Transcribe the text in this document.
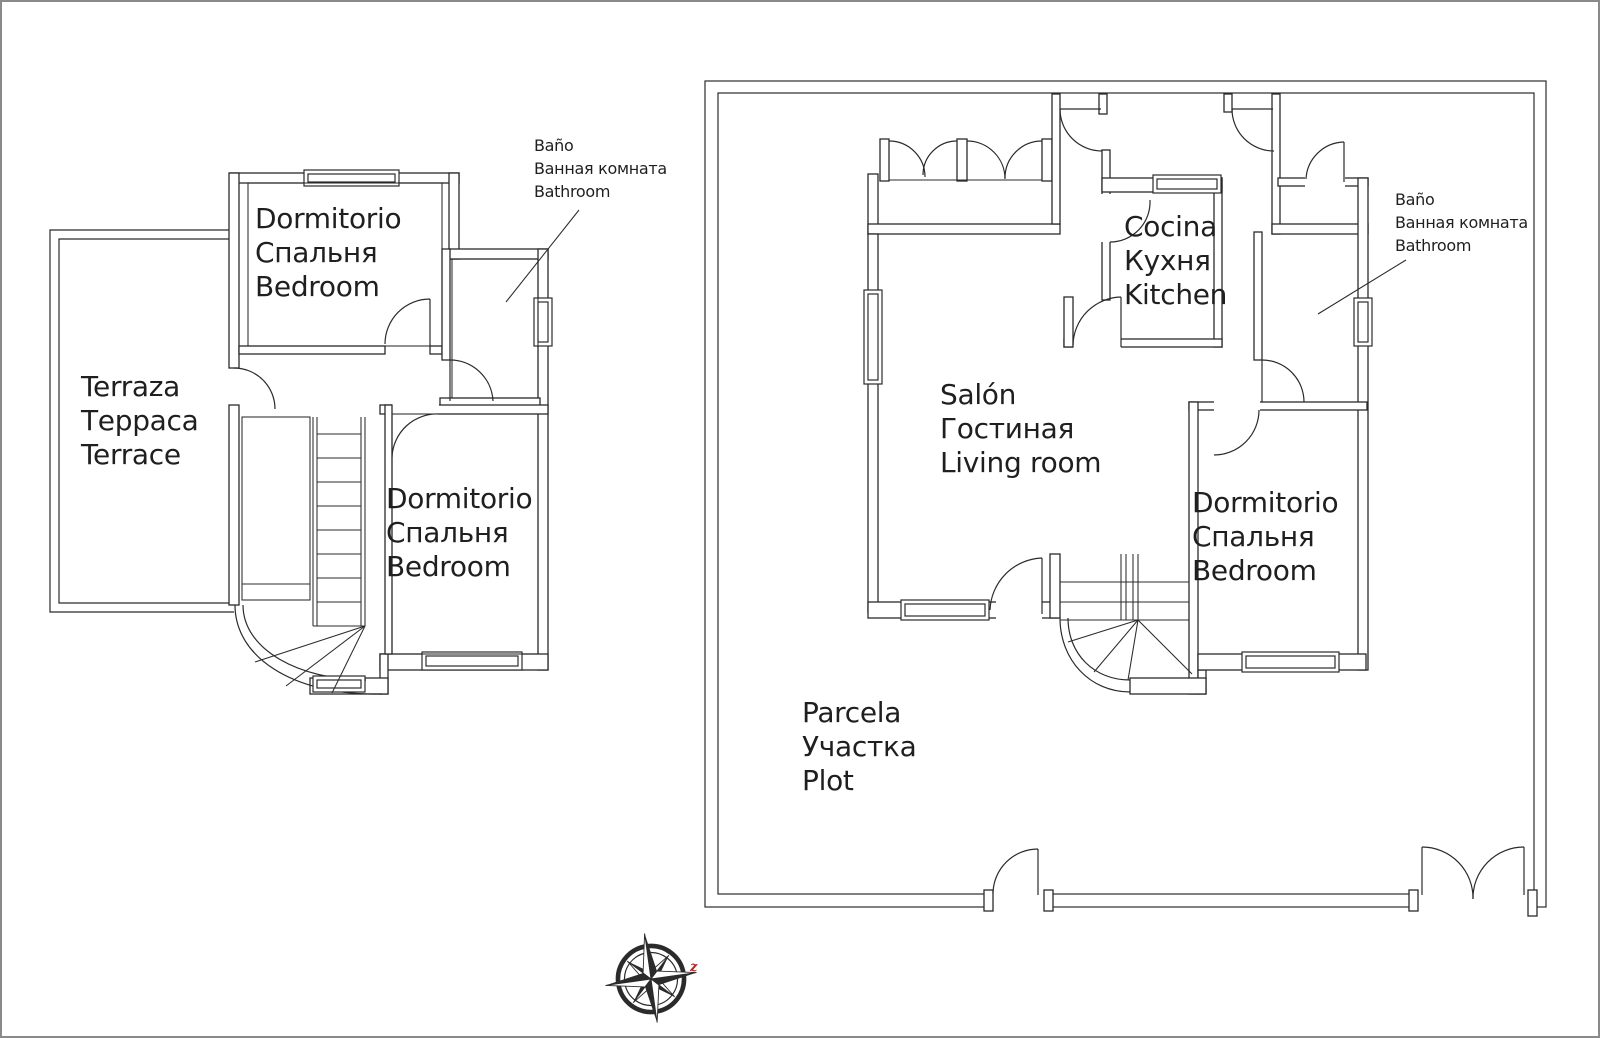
Dormitorio
Спальня
Bedroom
Terraza
Терраса
Terrace
Dormitorio
Спальня
Bedroom
Baño
Ванная комната
Bathroom
Cocina
Кухня
Kitchen
Salón
Гостиная
Living room
Dormitorio
Спальня
Bedroom
Baño
Ванная комната
Bathroom
Parcela
Участка
Plot
z
